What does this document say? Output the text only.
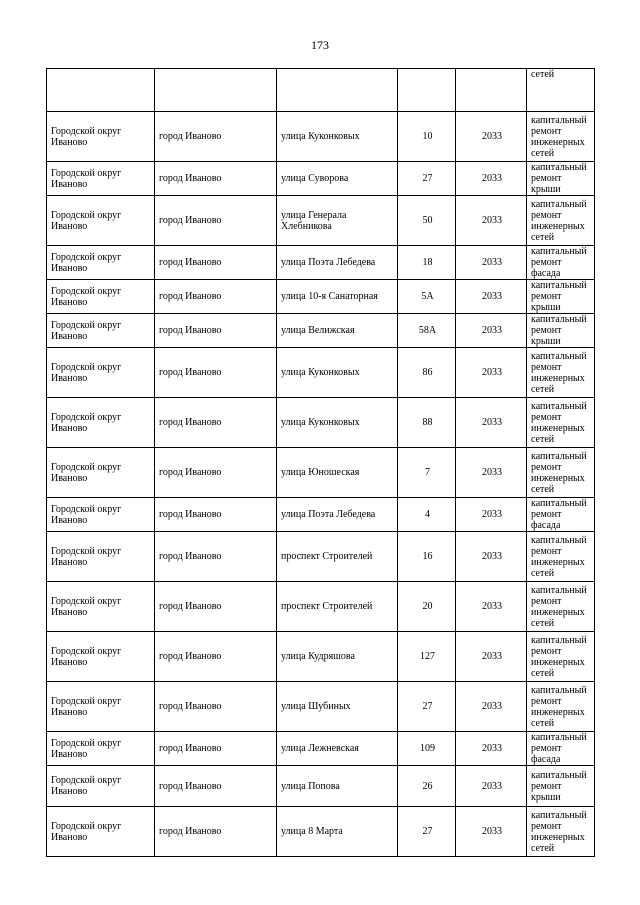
173
					сетей
Городской округ Иваново	город Иваново	улица Куконковых	10	2033	капитальный ремонт инженерных сетей
Городской округ Иваново	город Иваново	улица Суворова	27	2033	капитальный ремонт крыши
Городской округ Иваново	город Иваново	улица Генерала Хлебникова	50	2033	капитальный ремонт инженерных сетей
Городской округ Иваново	город Иваново	улица Поэта Лебедева	18	2033	капитальный ремонт фасада
Городской округ Иваново	город Иваново	улица 10-я Санаторная	5А	2033	капитальный ремонт крыши
Городской округ Иваново	город Иваново	улица Велижская	58А	2033	капитальный ремонт крыши
Городской округ Иваново	город Иваново	улица Куконковых	86	2033	капитальный ремонт инженерных сетей
Городской округ Иваново	город Иваново	улица Куконковых	88	2033	капитальный ремонт инженерных сетей
Городской округ Иваново	город Иваново	улица Юношеская	7	2033	капитальный ремонт инженерных сетей
Городской округ Иваново	город Иваново	улица Поэта Лебедева	4	2033	капитальный ремонт фасада
Городской округ Иваново	город Иваново	проспект Строителей	16	2033	капитальный ремонт инженерных сетей
Городской округ Иваново	город Иваново	проспект Строителей	20	2033	капитальный ремонт инженерных сетей
Городской округ Иваново	город Иваново	улица Кудряшова	127	2033	капитальный ремонт инженерных сетей
Городской округ Иваново	город Иваново	улица Шубиных	27	2033	капитальный ремонт инженерных сетей
Городской округ Иваново	город Иваново	улица Лежневская	109	2033	капитальный ремонт фасада
Городской округ Иваново	город Иваново	улица Попова	26	2033	капитальный ремонт крыши
Городской округ Иваново	город Иваново	улица 8 Марта	27	2033	капитальный ремонт инженерных сетей
